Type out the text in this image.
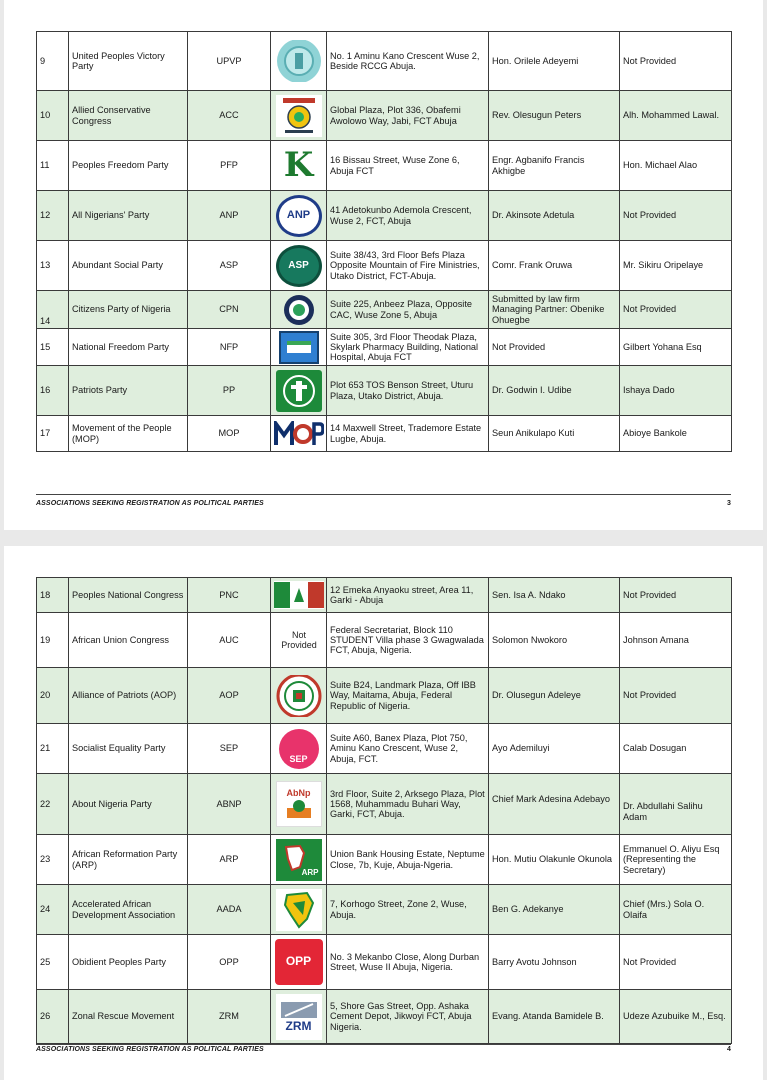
9	United Peoples Victory Party	UPVP		No. 1 Aminu Kano Crescent Wuse 2, Beside RCCG Abuja.	Hon. Orilele Adeyemi	Not Provided
10	Allied Conservative Congress	ACC		Global Plaza, Plot 336, Obafemi Awolowo Way, Jabi, FCT Abuja	Rev. Olesugun Peters	Alh. Mohammed Lawal.
11	Peoples Freedom Party	PFP	K	16 Bissau Street, Wuse Zone 6, Abuja FCT	Engr. Agbanifo Francis Akhigbe	Hon. Michael Alao
12	All Nigerians' Party	ANP	ANP	41 Adetokunbo Ademola Crescent, Wuse 2, FCT, Abuja	Dr. Akinsote Adetula	Not Provided
13	Abundant Social Party	ASP	ASP	Suite 38/43, 3rd Floor Befs Plaza Opposite Mountain of Fire Ministries, Utako District, FCT-Abuja.	Comr. Frank Oruwa	Mr. Sikiru Oripelaye
14	Citizens Party of Nigeria	CPN		Suite 225, Anbeez Plaza, Opposite CAC, Wuse Zone 5, Abuja	Submitted by law firm Managing Partner: Obenike Ohuegbe	Not Provided
15	National Freedom Party	NFP		Suite 305, 3rd Floor Theodak Plaza, Skylark Pharmacy Building, National Hospital, Abuja FCT	Not Provided	Gilbert Yohana Esq
16	Patriots Party	PP		Plot 653 TOS Benson Street, Uturu Plaza, Utako District, Abuja.	Dr. Godwin I. Udibe	Ishaya Dado
17	Movement of the People (MOP)	MOP		14 Maxwell Street, Trademore Estate Lugbe, Abuja.	Seun Anikulapo Kuti	Abioye Bankole
ASSOCIATIONS SEEKING REGISTRATION AS POLITICAL PARTIES	3
18	Peoples National Congress	PNC		12 Emeka Anyaoku street, Area 11, Garki - Abuja	Sen. Isa A. Ndako	Not Provided
19	African Union Congress	AUC	Not Provided	Federal Secretariat, Block 110 STUDENT Villa phase 3 Gwagwalada FCT, Abuja, Nigeria.	Solomon Nwokoro	Johnson Amana
20	Alliance of Patriots (AOP)	AOP		Suite B24, Landmark Plaza, Off IBB Way, Maitama, Abuja, Federal Republic of Nigeria.	Dr. Olusegun Adeleye	Not Provided
21	Socialist Equality Party	SEP	SEP	Suite A60, Banex Plaza, Plot 750, Aminu Kano Crescent, Wuse 2, Abuja, FCT.	Ayo Ademiluyi	Calab Dosugan
22	About Nigeria Party	ABNP	AbNp	3rd Floor, Suite 2, Arksego Plaza, Plot 1568, Muhammadu Buhari Way, Garki, FCT, Abuja.	Chief Mark Adesina Adebayo	Dr. Abdullahi Salihu Adam
23	African Reformation Party (ARP)	ARP	ARP	Union Bank Housing Estate, Neptume Close, 7b, Kuje, Abuja-Ngeria.	Hon. Mutiu Olakunle Okunola	Emmanuel O. Aliyu Esq (Representing the Secretary)
24	Accelerated African Development Association	AADA		7, Korhogo Street, Zone 2, Wuse, Abuja.	Ben G. Adekanye	Chief (Mrs.) Sola O. Olaifa
25	Obidient Peoples Party	OPP	OPP	No. 3 Mekanbo Close, Along Durban Street, Wuse II Abuja, Nigeria.	Barry Avotu Johnson	Not Provided
26	Zonal Rescue Movement	ZRM	ZRM	5, Shore Gas Street, Opp. Ashaka Cement Depot, Jikwoyi FCT, Abuja Nigeria.	Evang. Atanda Bamidele B.	Udeze Azubuike M., Esq.
ASSOCIATIONS SEEKING REGISTRATION AS POLITICAL PARTIES	4
